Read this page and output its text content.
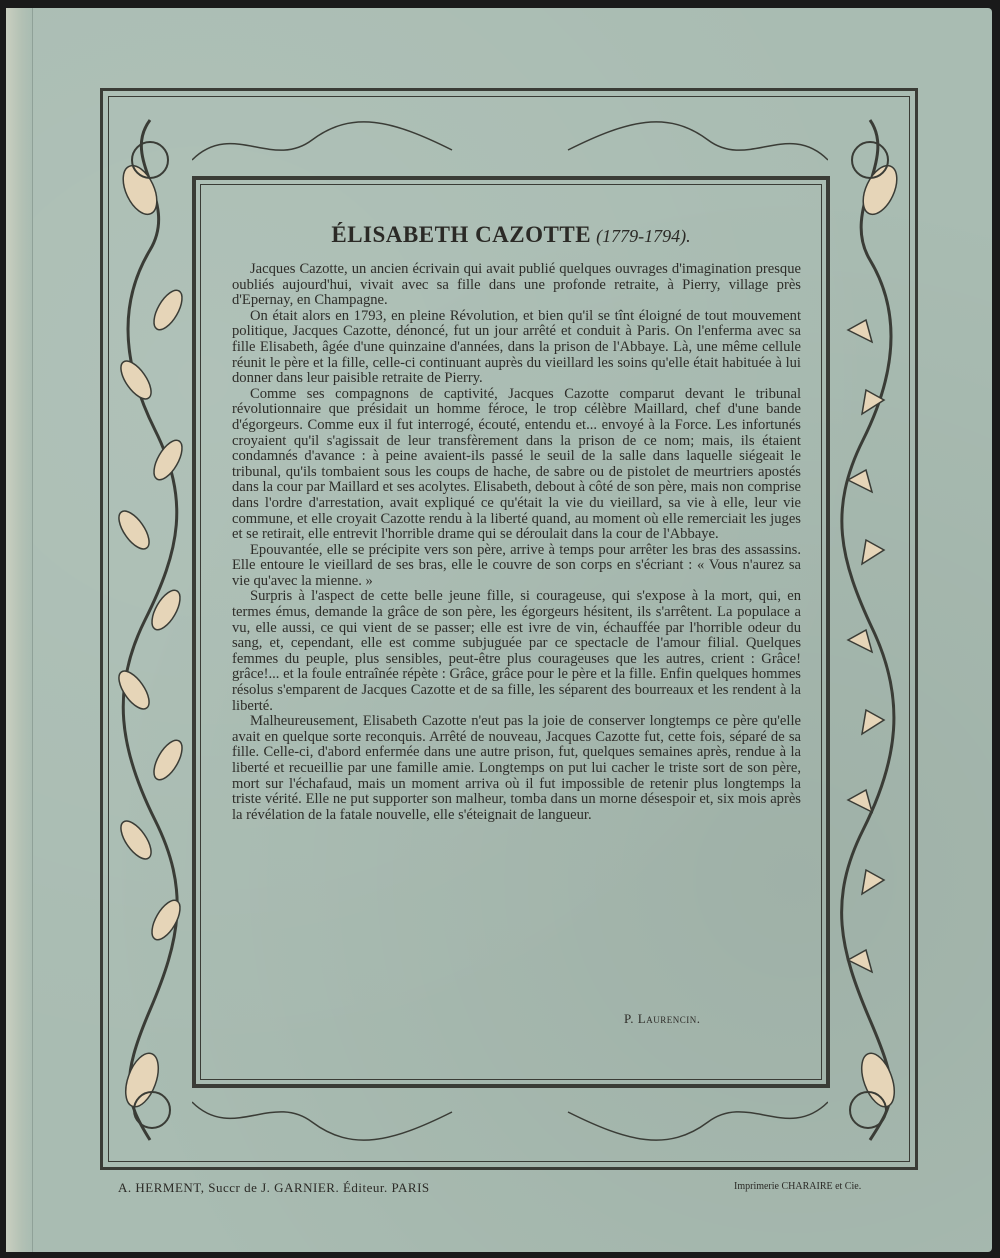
ÉLISABETH CAZOTTE (1779-1794).

Jacques Cazotte, un ancien écrivain qui avait publié quelques ouvrages d'imagination presque oubliés aujourd'hui, vivait avec sa fille dans une profonde retraite, à Pierry, village près d'Epernay, en Champagne.

On était alors en 1793, en pleine Révolution, et bien qu'il se tînt éloigné de tout mouvement politique, Jacques Cazotte, dénoncé, fut un jour arrêté et conduit à Paris. On l'enferma avec sa fille Elisabeth, âgée d'une quinzaine d'années, dans la prison de l'Abbaye. Là, une même cellule réunit le père et la fille, celle-ci continuant auprès du vieillard les soins qu'elle était habituée à lui donner dans leur paisible retraite de Pierry.

Comme ses compagnons de captivité, Jacques Cazotte comparut devant le tribunal révolutionnaire que présidait un homme féroce, le trop célèbre Maillard, chef d'une bande d'égorgeurs. Comme eux il fut interrogé, écouté, entendu et... envoyé à la Force. Les infortunés croyaient qu'il s'agissait de leur transfèrement dans la prison de ce nom; mais, ils étaient condamnés d'avance : à peine avaient-ils passé le seuil de la salle dans laquelle siégeait le tribunal, qu'ils tombaient sous les coups de hache, de sabre ou de pistolet de meurtriers apostés dans la cour par Maillard et ses acolytes. Elisabeth, debout à côté de son père, mais non comprise dans l'ordre d'arrestation, avait expliqué ce qu'était la vie du vieillard, sa vie à elle, leur vie commune, et elle croyait Cazotte rendu à la liberté quand, au moment où elle remerciait les juges et se retirait, elle entrevit l'horrible drame qui se déroulait dans la cour de l'Abbaye.

Epouvantée, elle se précipite vers son père, arrive à temps pour arrêter les bras des assassins. Elle entoure le vieillard de ses bras, elle le couvre de son corps en s'écriant : « Vous n'aurez sa vie qu'avec la mienne. »

Surpris à l'aspect de cette belle jeune fille, si courageuse, qui s'expose à la mort, qui, en termes émus, demande la grâce de son père, les égorgeurs hésitent, ils s'arrêtent. La populace a vu, elle aussi, ce qui vient de se passer; elle est ivre de vin, échauffée par l'horrible odeur du sang, et, cependant, elle est comme subjuguée par ce spectacle de l'amour filial. Quelques femmes du peuple, plus sensibles, peut-être plus courageuses que les autres, crient : Grâce! grâce!... et la foule entraînée répète : Grâce, grâce pour le père et la fille. Enfin quelques hommes résolus s'emparent de Jacques Cazotte et de sa fille, les séparent des bourreaux et les rendent à la liberté.

Malheureusement, Elisabeth Cazotte n'eut pas la joie de conserver longtemps ce père qu'elle avait en quelque sorte reconquis. Arrêté de nouveau, Jacques Cazotte fut, cette fois, séparé de sa fille. Celle-ci, d'abord enfermée dans une autre prison, fut, quelques semaines après, rendue à la liberté et recueillie par une famille amie. Longtemps on put lui cacher le triste sort de son père, mort sur l'échafaud, mais un moment arriva où il fut impossible de retenir plus longtemps la triste vérité. Elle ne put supporter son malheur, tomba dans un morne désespoir et, six mois après la révélation de la fatale nouvelle, elle s'éteignait de langueur.

P. Laurencin.
A. HERMENT, Succr de J. GARNIER. Éditeur. PARIS	Imprimerie CHARAIRE et Cie.
